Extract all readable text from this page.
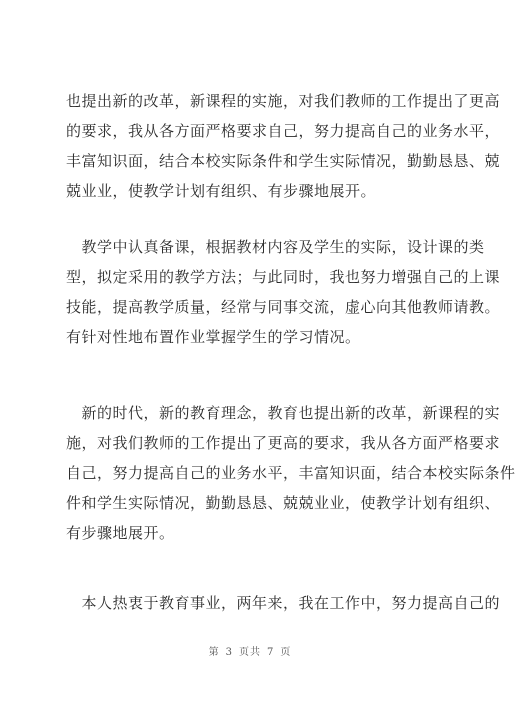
也提出新的改革，新课程的实施，对我们教师的工作提出了更高
的要求，我从各方面严格要求自己，努力提高自己的业务水平，
丰富知识面，结合本校实际条件和学生实际情况，勤勤恳恳、兢
兢业业，使教学计划有组织、有步骤地展开。
　教学中认真备课，根据教材内容及学生的实际，设计课的类
型，拟定采用的教学方法；与此同时，我也努力增强自己的上课
技能，提高教学质量，经常与同事交流，虚心向其他教师请教。
有针对性地布置作业掌握学生的学习情况。
　新的时代，新的教育理念，教育也提出新的改革，新课程的实
施，对我们教师的工作提出了更高的要求，我从各方面严格要求
自己，努力提高自己的业务水平，丰富知识面，结合本校实际条件
件和学生实际情况，勤勤恳恳、兢兢业业，使教学计划有组织、
有步骤地展开。
　本人热衷于教育事业，两年来，我在工作中，努力提高自己的
第 3 页共 7 页
